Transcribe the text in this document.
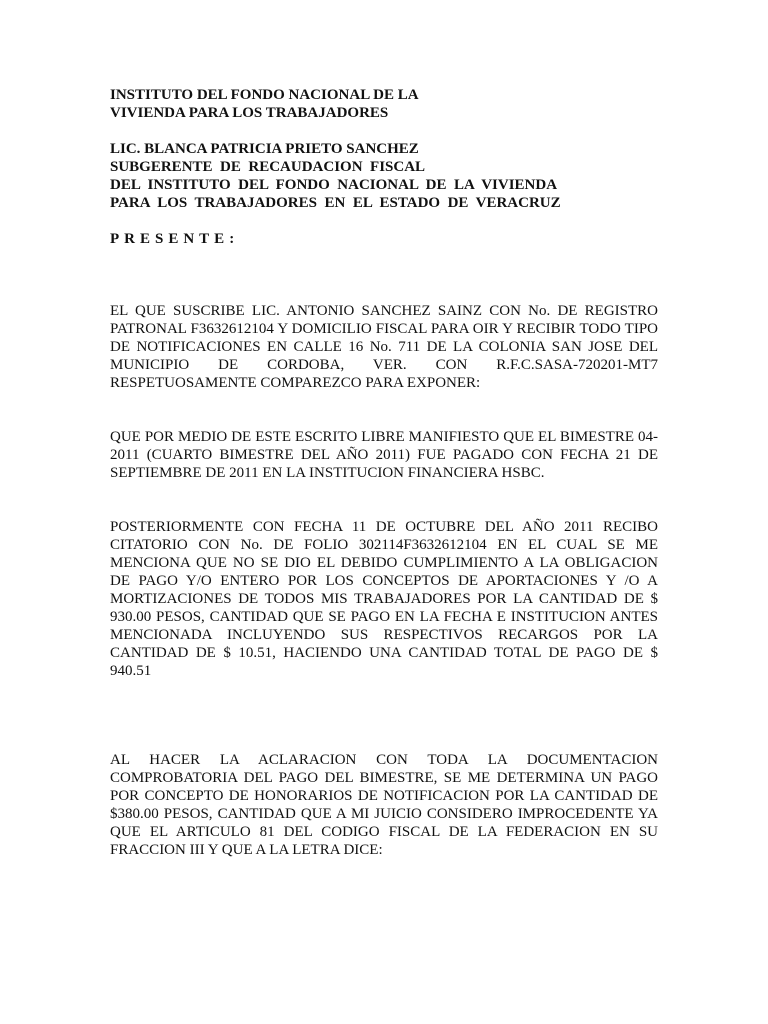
INSTITUTO DEL FONDO NACIONAL DE LA
VIVIENDA PARA LOS TRABAJADORES
LIC. BLANCA PATRICIA PRIETO SANCHEZ
SUBGERENTE  DE  RECAUDACION  FISCAL
DEL  INSTITUTO  DEL  FONDO  NACIONAL  DE  LA  VIVIENDA
PARA  LOS  TRABAJADORES  EN  EL  ESTADO  DE  VERACRUZ
PRESENTE:

EL QUE SUSCRIBE LIC. ANTONIO SANCHEZ SAINZ CON No. DE REGISTRO PATRONAL F3632612104 Y DOMICILIO FISCAL PARA OIR Y RECIBIR TODO TIPO DE NOTIFICACIONES EN CALLE 16 No. 711 DE LA COLONIA SAN JOSE DEL MUNICIPIO DE CORDOBA, VER. CON R.F.C.SASA-720201-MT7 RESPETUOSAMENTE COMPAREZCO PARA EXPONER:

QUE POR MEDIO DE ESTE ESCRITO LIBRE MANIFIESTO QUE EL BIMESTRE 04-2011 (CUARTO BIMESTRE DEL AÑO 2011) FUE PAGADO CON FECHA 21 DE SEPTIEMBRE DE 2011 EN LA INSTITUCION FINANCIERA HSBC.

POSTERIORMENTE CON FECHA 11 DE OCTUBRE DEL AÑO 2011 RECIBO CITATORIO CON No. DE FOLIO 302114F3632612104 EN EL CUAL SE ME MENCIONA QUE NO SE DIO EL DEBIDO CUMPLIMIENTO A LA OBLIGACION DE PAGO Y/O ENTERO POR LOS CONCEPTOS DE APORTACIONES Y /O A MORTIZACIONES DE TODOS MIS TRABAJADORES POR LA CANTIDAD DE $ 930.00 PESOS, CANTIDAD QUE SE PAGO EN LA FECHA E INSTITUCION ANTES MENCIONADA INCLUYENDO SUS RESPECTIVOS RECARGOS POR LA CANTIDAD DE $ 10.51, HACIENDO UNA CANTIDAD TOTAL DE PAGO DE $ 940.51

AL HACER LA ACLARACION CON TODA LA DOCUMENTACION COMPROBATORIA DEL PAGO DEL BIMESTRE, SE ME DETERMINA UN PAGO POR CONCEPTO DE HONORARIOS DE NOTIFICACION POR LA CANTIDAD DE $380.00 PESOS, CANTIDAD QUE A MI JUICIO CONSIDERO IMPROCEDENTE YA QUE EL ARTICULO 81 DEL CODIGO FISCAL DE LA FEDERACION EN SU FRACCION III Y QUE A LA LETRA DICE:
